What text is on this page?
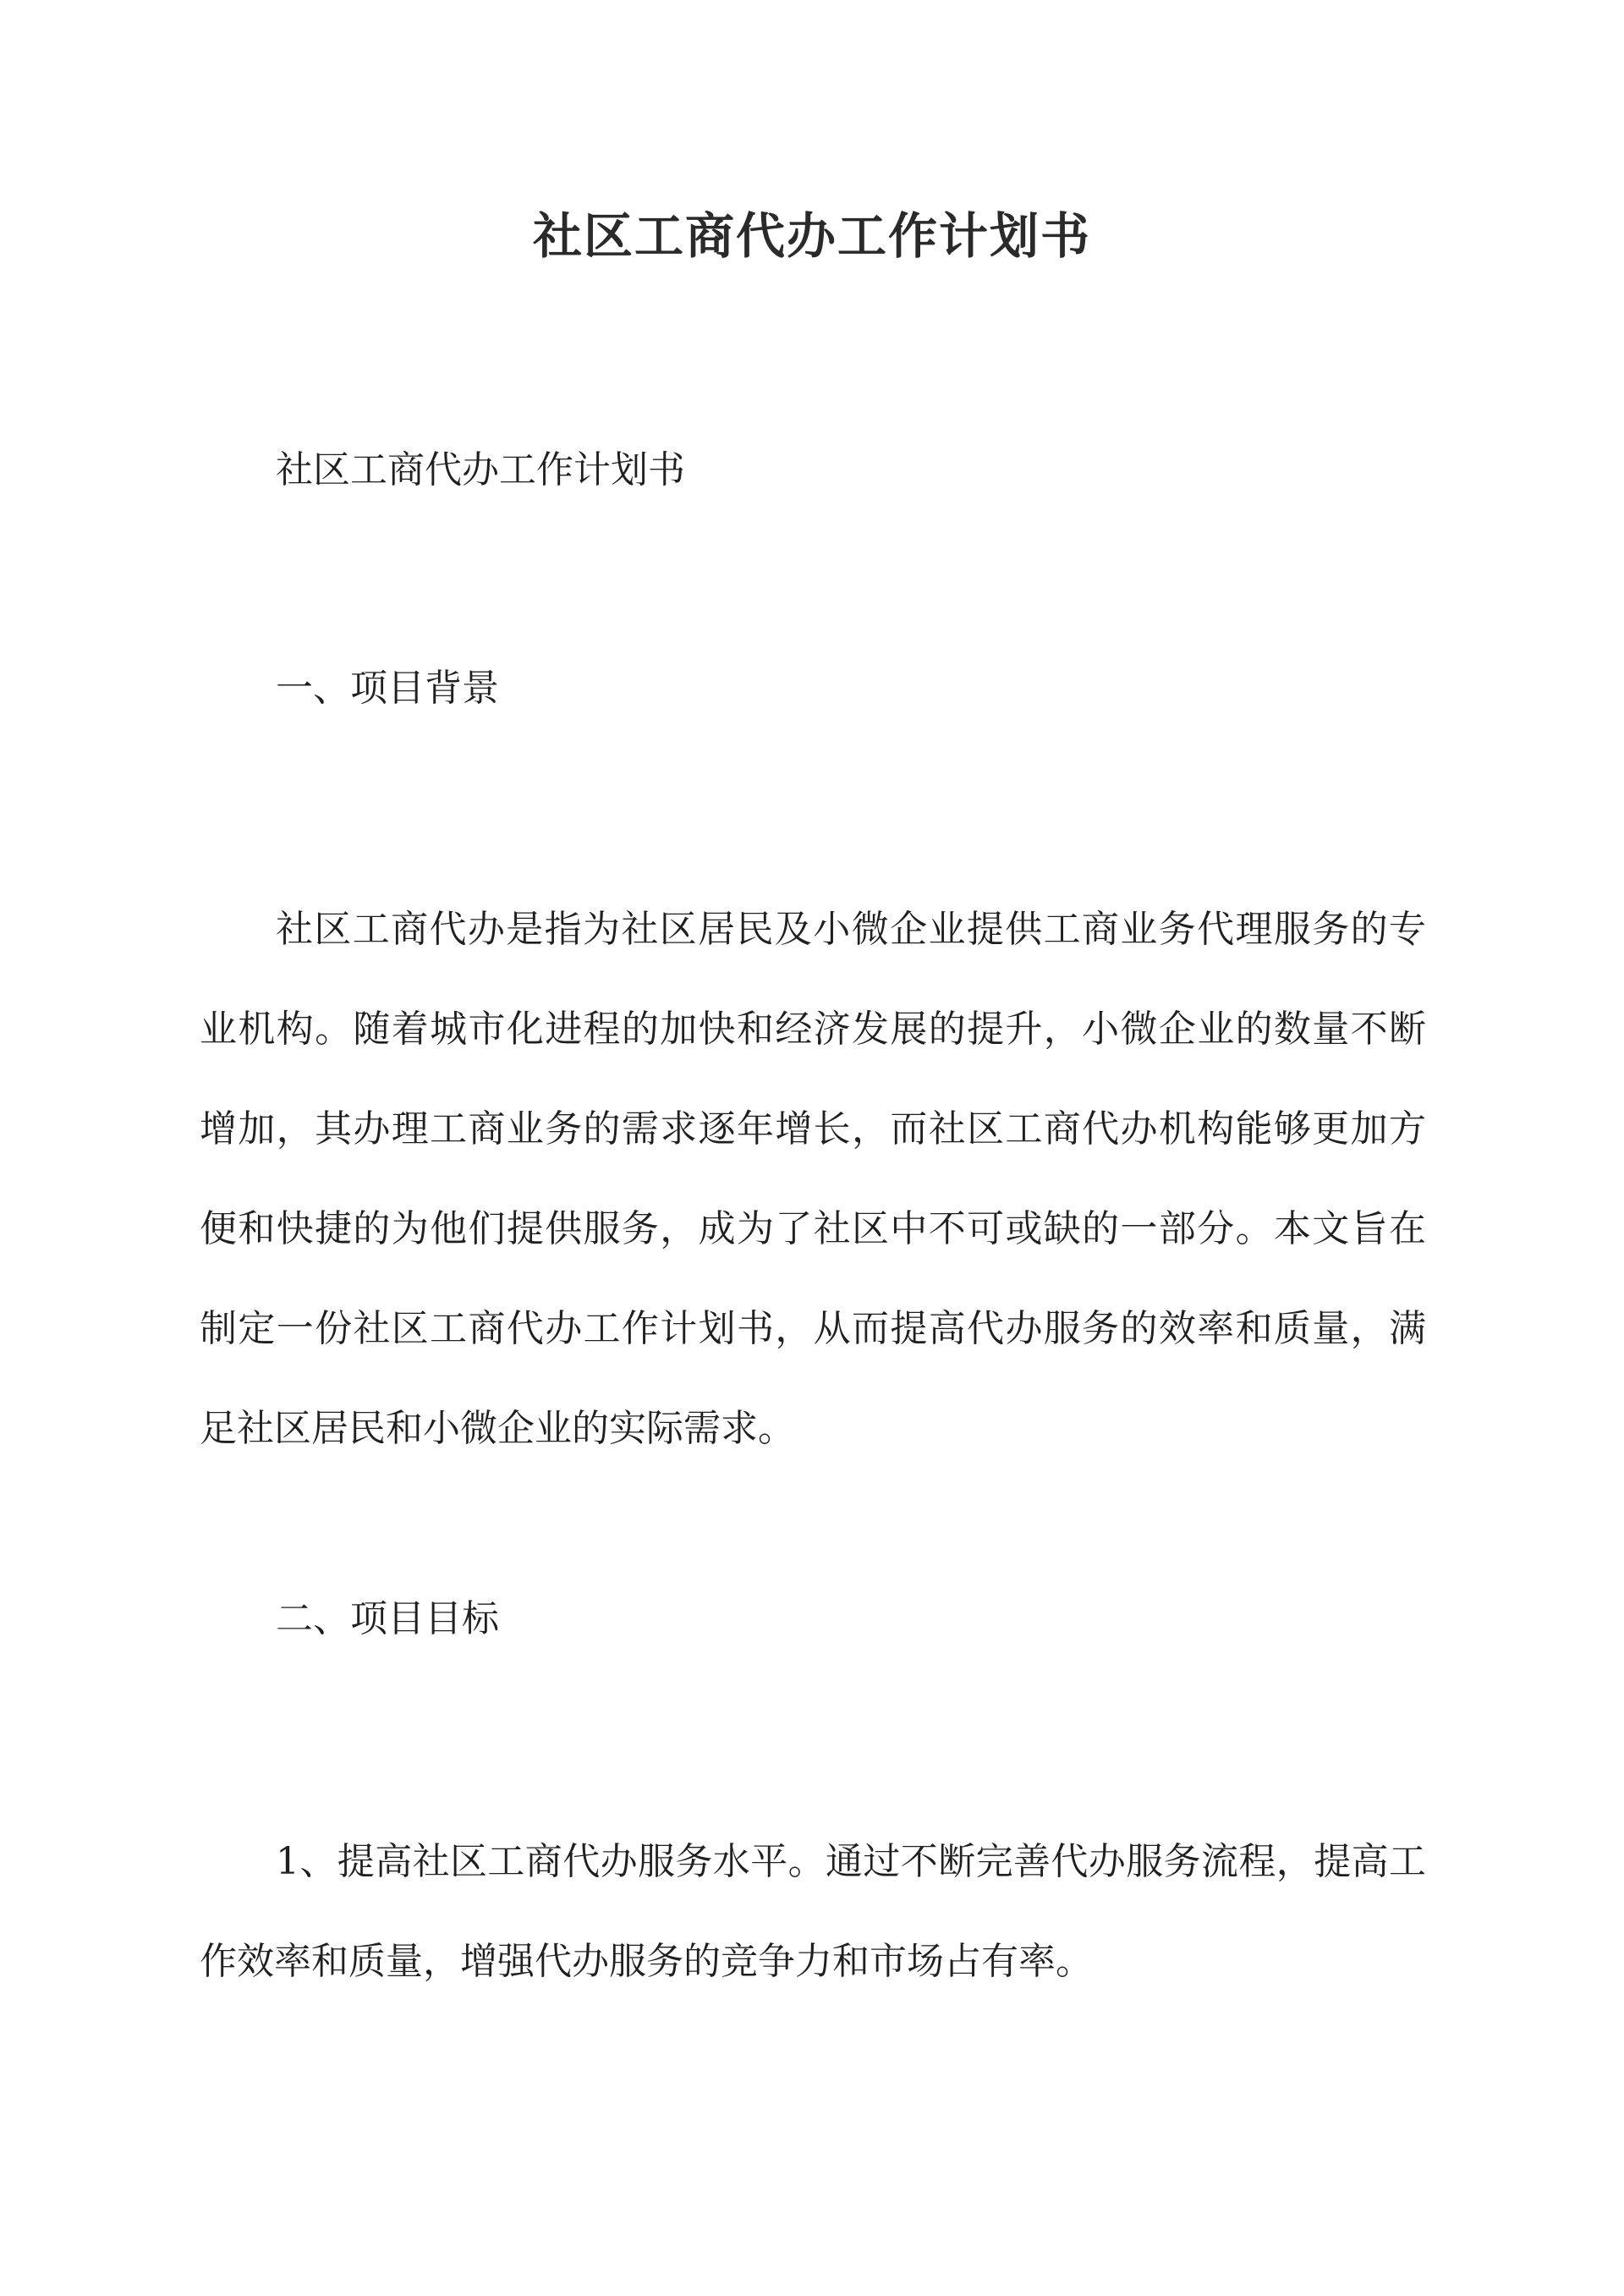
社区工商代办工作计划书
社区工商代办工作计划书
一、项目背景
社区工商代办是指为社区居民及小微企业提供工商业务代理服务的专业机构。随着城市化进程的加快和经济发展的提升，小微企业的数量不断增加，其办理工商业务的需求逐年增长，而社区工商代办机构能够更加方便和快捷的为他们提供服务，成为了社区中不可或缺的一部分。本文旨在制定一份社区工商代办工作计划书，从而提高代办服务的效率和质量，满足社区居民和小微企业的实际需求。
二、项目目标
1、提高社区工商代办服务水平。通过不断完善代办服务流程，提高工作效率和质量，增强代办服务的竞争力和市场占有率。
